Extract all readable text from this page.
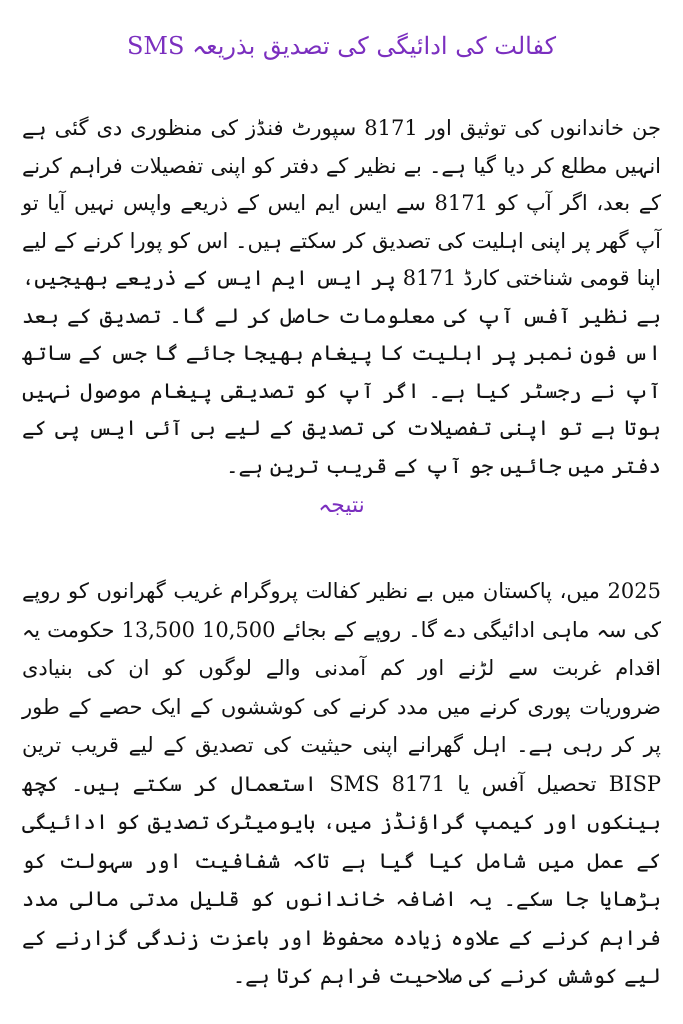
کفالت کی ادائیگی کی تصدیق بذریعہ SMS

جن خاندانوں کی توثیق اور 8171 سپورٹ فنڈز کی منظوری دی گئی ہے انہیں مطلع کر دیا گیا ہے۔ بے نظیر کے دفتر کو اپنی تفصیلات فراہم کرنے کے بعد، اگر آپ کو 8171 سے ایس ایم ایس کے ذریعے واپس نہیں آیا تو آپ گھر پر اپنی اہلیت کی تصدیق کر سکتے ہیں۔ اس کو پورا کرنے کے لیے اپنا قومی شناختی کارڈ 8171 پر ایس ایم ایس کے ذریعے بھیجیں، بے نظیر آفس آپ کی معلومات حاصل کر لے گا۔ تصدیق کے بعد اس فون نمبر پر اہلیت کا پیغام بھیجا جائے گا جس کے ساتھ آپ نے رجسٹر کیا ہے۔ اگر آپ کو تصدیقی پیغام موصول نہیں ہوتا ہے تو اپنی تفصیلات کی تصدیق کے لیے بی آئی ایس پی کے دفتر میں جائیں جو آپ کے قریب ترین ہے۔

نتیجہ

2025 میں، پاکستان میں بے نظیر کفالت پروگرام غریب گھرانوں کو روپے کی سہ ماہی ادائیگی دے گا۔ روپے کے بجائے 10,500 13,500 حکومت یہ اقدام غربت سے لڑنے اور کم آمدنی والے لوگوں کو ان کی بنیادی ضروریات پوری کرنے میں مدد کرنے کی کوششوں کے ایک حصے کے طور پر کر رہی ہے۔ اہل گھرانے اپنی حیثیت کی تصدیق کے لیے قریب ترین BISP تحصیل آفس یا SMS 8171 استعمال کر سکتے ہیں۔ کچھ بینکوں اور کیمپ گراؤنڈز میں، بایومیٹرک تصدیق کو ادائیگی کے عمل میں شامل کیا گیا ہے تاکہ شفافیت اور سہولت کو بڑھایا جا سکے۔ یہ اضافہ خاندانوں کو قلیل مدتی مالی مدد فراہم کرنے کے علاوہ زیادہ محفوظ اور باعزت زندگی گزارنے کے لیے کوشش کرنے کی صلاحیت فراہم کرتا ہے۔
